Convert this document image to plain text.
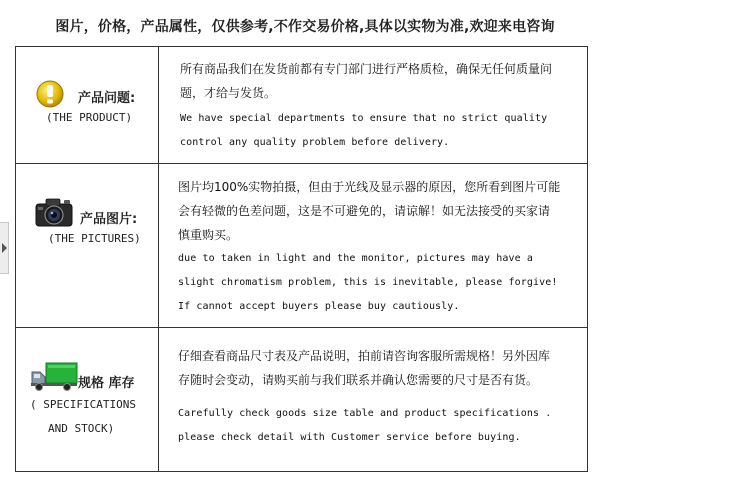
图片，价格，产品属性，仅供参考,不作交易价格,具体以实物为准,欢迎来电咨询
产品问题:
(THE PRODUCT)
所有商品我们在发货前都有专门部门进行严格质检，确保无任何质量问
题，才给与发货。
We have special departments to ensure that no strict quality
control any quality problem before delivery.
产品图片:
(THE PICTURES)
图片均100%实物拍摄，但由于光线及显示器的原因，您所看到图片可能
会有轻微的色差问题，这是不可避免的，请谅解！如无法接受的买家请
慎重购买。
due to taken in light and the monitor, pictures may have a
slight chromatism problem, this is inevitable, please forgive!
If cannot accept buyers please buy cautiously.
规格 库存
( SPECIFICATIONS
AND STOCK)
仔细查看商品尺寸表及产品说明，拍前请咨询客服所需规格！另外因库
存随时会变动，请购买前与我们联系并确认您需要的尺寸是否有货。
Carefully check goods size table and product specifications .
please check detail with Customer service before buying.
